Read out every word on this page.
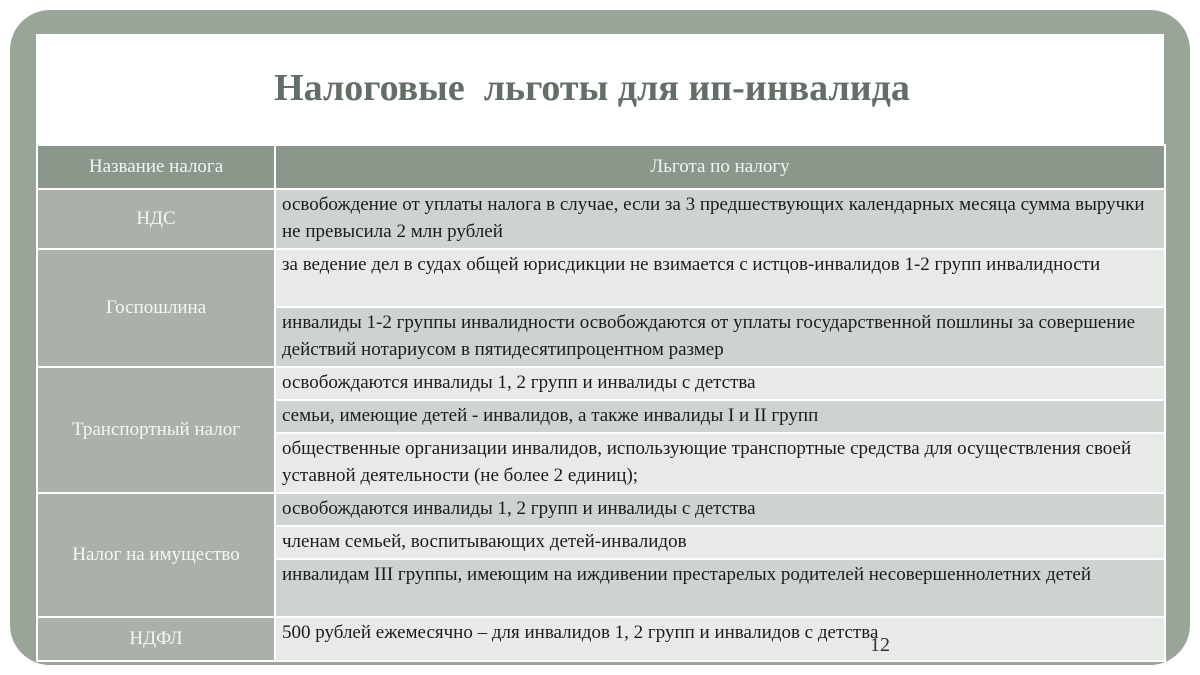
Налоговые  льготы для ип-инвалида
Название налога	Льгота по налогу
НДС	освобождение от уплаты налога в случае, если за 3 предшествующих календарных месяца сумма выручки не превысила 2 млн рублей
Госпошлина	за ведение дел в судах общей юрисдикции не взимается с истцов-инвалидов 1-2 групп инвалидности
	инвалиды 1-2 группы инвалидности освобождаются от уплаты государственной пошлины за совершение действий нотариусом в пятидесятипроцентном размер
Транспортный налог	освобождаются инвалиды 1, 2 групп и инвалиды с детства
	семьи, имеющие детей - инвалидов, а также инвалиды I и II групп
	общественные организации инвалидов, использующие транспортные средства для осуществления своей уставной деятельности (не более 2 единиц);
Налог на имущество	освобождаются инвалиды 1, 2 групп и инвалиды с детства
	членам семьей, воспитывающих детей-инвалидов
	инвалидам III группы, имеющим на иждивении престарелых родителей несовершеннолетних детей
НДФЛ	500 рублей ежемесячно – для инвалидов 1, 2 групп и инвалидов с детства
12
